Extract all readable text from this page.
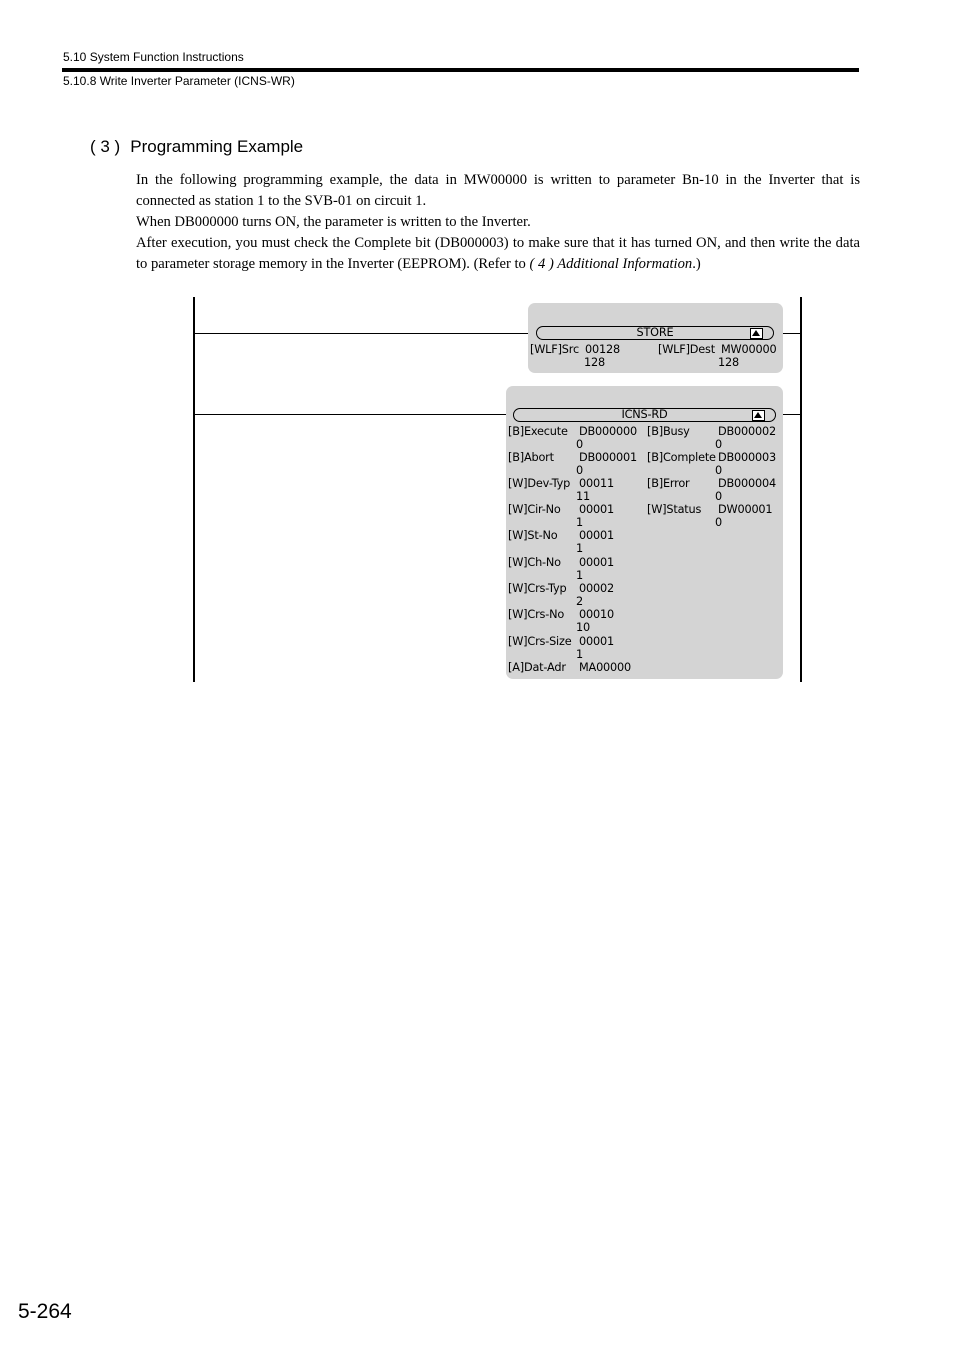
5.10 System Function Instructions
5.10.8 Write Inverter Parameter (ICNS-WR)
( 3 ) Programming Example

In the following programming example, the data in MW00000 is written to parameter Bn-10 in the Inverter that is connected as station 1 to the SVB-01 on circuit 1.

When DB000000 turns ON, the parameter is written to the Inverter.

After execution, you must check the Complete bit (DB000003) to make sure that it has turned ON, and then write the data to parameter storage memory in the Inverter (EEPROM). (Refer to ( 4 ) Additional Information.)

STORE
[WLF]Src 00128
128
[WLF]Dest MW00000
128
ICNS-RD
[B]Execute DB000000
0
[B]Abort DB000001
0
[W]Dev-Typ 00011
11
[W]Cir-No 00001
1
[W]St-No 00001
1
[W]Ch-No 00001
1
[W]Crs-Typ 00002
2
[W]Crs-No 00010
10
[W]Crs-Size 00001
1
[A]Dat-Adr MA00000
[B]Busy	DB000002
0
[B]Complete DB000003
0
[B]Error	DB000004
0
[W]Status DW00001
0
5-264
